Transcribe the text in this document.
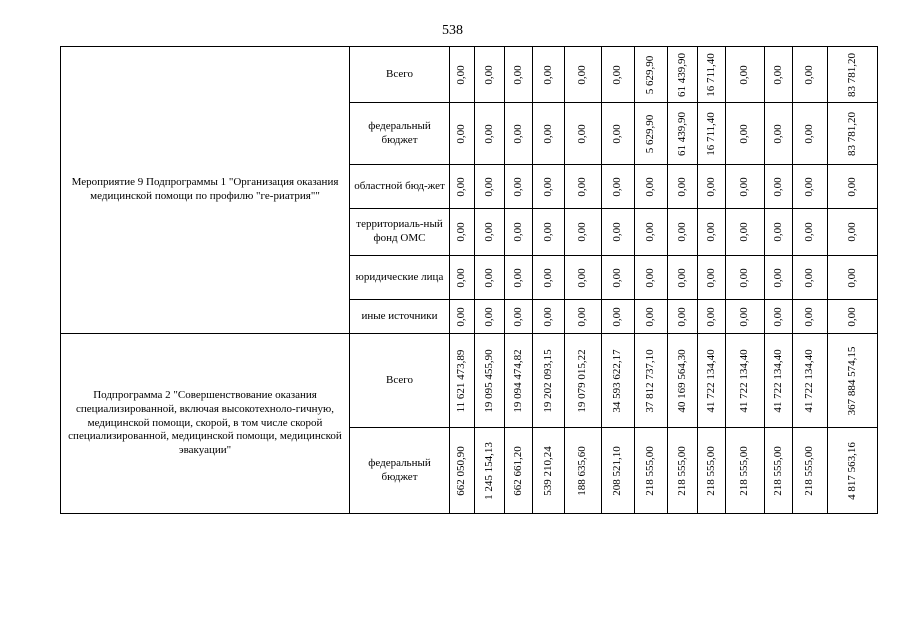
538
Мероприятие 9 Подпрограммы 1 "Организация оказания медицинской помощи по профилю "ге-риатрия""	Всего	0,00	0,00	0,00	0,00	0,00	0,00	5 629,90	61 439,90	16 711,40	0,00	0,00	0,00	83 781,20

	федеральный бюджет	0,00	0,00	0,00	0,00	0,00	0,00	5 629,90	61 439,90	16 711,40	0,00	0,00	0,00	83 781,20

	областной бюд-жет	0,00	0,00	0,00	0,00	0,00	0,00	0,00	0,00	0,00	0,00	0,00	0,00	0,00

	территориаль-ный фонд ОМС	0,00	0,00	0,00	0,00	0,00	0,00	0,00	0,00	0,00	0,00	0,00	0,00	0,00

	юридические лица	0,00	0,00	0,00	0,00	0,00	0,00	0,00	0,00	0,00	0,00	0,00	0,00	0,00

	иные источники	0,00	0,00	0,00	0,00	0,00	0,00	0,00	0,00	0,00	0,00	0,00	0,00	0,00

Подпрограмма 2 "Совершенствование оказания специализированной, включая высокотехноло-гичную, медицинской помощи, скорой, в том числе скорой специализированной, медицинской помощи, медицинской эвакуации"	Всего	11 621 473,89	19 095 455,90	19 094 474,82	19 202 093,15	19 079 015,22	34 593 622,17	37 812 737,10	40 169 564,30	41 722 134,40	41 722 134,40	41 722 134,40	41 722 134,40	367 884 574,15

	федеральный бюджет	662 050,90	1 245 154,13	662 661,20	539 210,24	188 635,60	208 521,10	218 555,00	218 555,00	218 555,00	218 555,00	218 555,00	218 555,00	4 817 563,16
